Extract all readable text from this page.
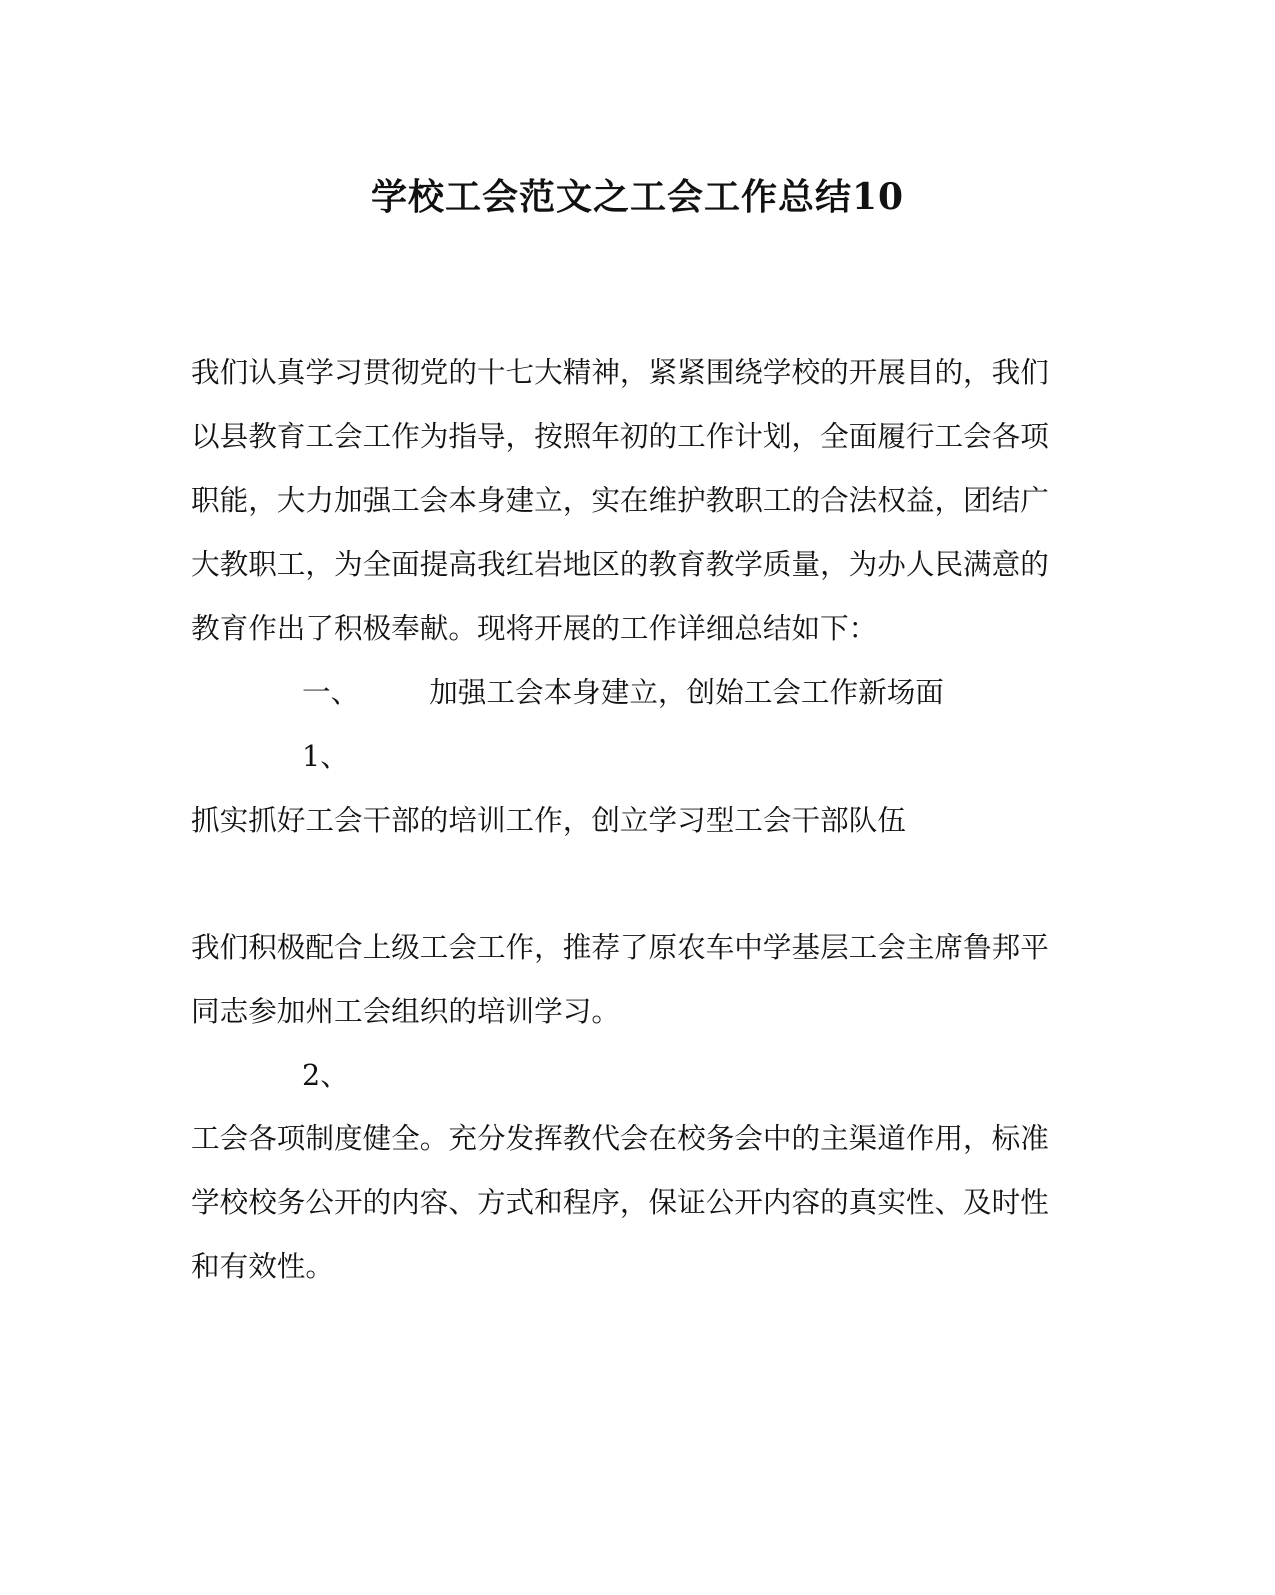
学校工会范文之工会工作总结10
我们认真学习贯彻党的十七大精神，紧紧围绕学校的开展目的，我们
以县教育工会工作为指导，按照年初的工作计划，全面履行工会各项
职能，大力加强工会本身建立，实在维护教职工的合法权益，团结广
大教职工，为全面提高我红岩地区的教育教学质量，为办人民满意的
教育作出了积极奉献。现将开展的工作详细总结如下：
一、 加强工会本身建立，创始工会工作新场面
1、
抓实抓好工会干部的培训工作，创立学习型工会干部队伍
我们积极配合上级工会工作，推荐了原农车中学基层工会主席鲁邦平
同志参加州工会组织的培训学习。
2、
工会各项制度健全。充分发挥教代会在校务会中的主渠道作用，标准
学校校务公开的内容、方式和程序，保证公开内容的真实性、及时性
和有效性。
